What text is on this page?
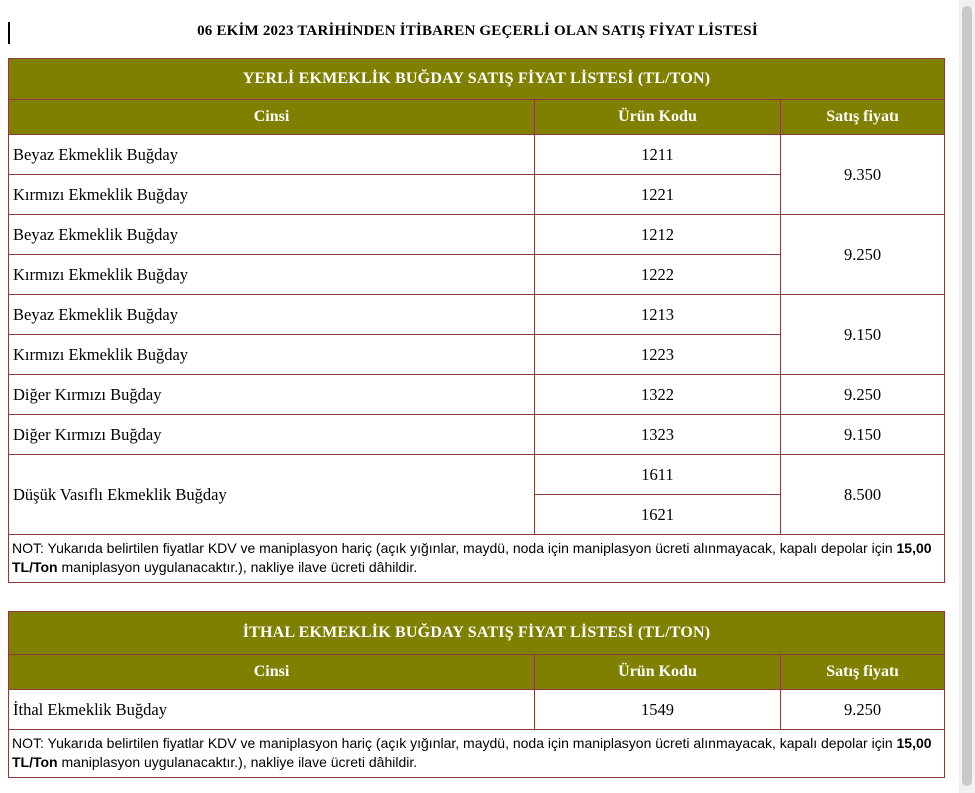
06 EKİM 2023 TARİHİNDEN İTİBAREN GEÇERLİ OLAN SATIŞ FİYAT LİSTESİ
YERLİ EKMEKLİK BUĞDAY SATIŞ FİYAT LİSTESİ (TL/TON)		
Cinsi	Ürün Kodu	Satış fiyatı
Beyaz Ekmeklik Buğday	1211	9.350
Kırmızı Ekmeklik Buğday	1221	
Beyaz Ekmeklik Buğday	1212	9.250
Kırmızı Ekmeklik Buğday	1222	
Beyaz Ekmeklik Buğday	1213	9.150
Kırmızı Ekmeklik Buğday	1223	
Diğer Kırmızı Buğday	1322	9.250
Diğer Kırmızı Buğday	1323	9.150
Düşük Vasıflı Ekmeklik Buğday	1611	8.500
	1621	
NOT: Yukarıda belirtilen fiyatlar KDV ve maniplasyon hariç (açık yığınlar, maydü, noda için maniplasyon ücreti alınmayacak, kapalı depolar için 15,00 TL/Ton maniplasyon uygulanacaktır.), nakliye ilave ücreti dâhildir.		
İTHAL EKMEKLİK BUĞDAY SATIŞ FİYAT LİSTESİ (TL/TON)		
Cinsi	Ürün Kodu	Satış fiyatı
İthal Ekmeklik Buğday	1549	9.250
NOT: Yukarıda belirtilen fiyatlar KDV ve maniplasyon hariç (açık yığınlar, maydü, noda için maniplasyon ücreti alınmayacak, kapalı depolar için 15,00 TL/Ton maniplasyon uygulanacaktır.), nakliye ilave ücreti dâhildir.		
